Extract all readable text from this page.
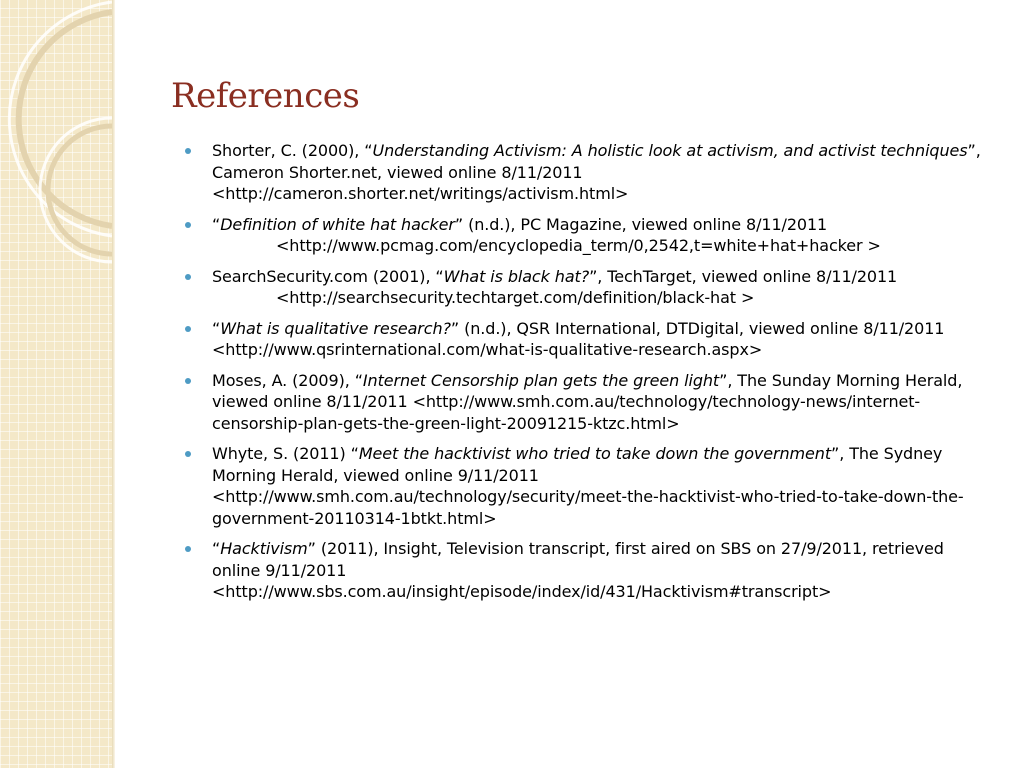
References
Shorter, C. (2000), “Understanding Activism: A holistic look at activism, and activist techniques”, Cameron Shorter.net, viewed online 8/11/2011
<http://cameron.shorter.net/writings/activism.html>
“Definition of white hat hacker” (n.d.), PC Magazine, viewed online 8/11/2011
<http://www.pcmag.com/encyclopedia_term/0,2542,t=white+hat+hacker >
SearchSecurity.com (2001), “What is black hat?”, TechTarget, viewed online 8/11/2011
<http://searchsecurity.techtarget.com/definition/black-hat >
“What is qualitative research?” (n.d.), QSR International, DTDigital, viewed online 8/11/2011 <http://www.qsrinternational.com/what-is-qualitative-research.aspx>
Moses, A. (2009), “Internet Censorship plan gets the green light”, The Sunday Morning Herald, viewed online 8/11/2011 <http://www.smh.com.au/technology/technology-news/internet-censorship-plan-gets-the-green-light-20091215-ktzc.html>
Whyte, S. (2011) “Meet the hacktivist who tried to take down the government”, The Sydney Morning Herald, viewed online 9/11/2011
<http://www.smh.com.au/technology/security/meet-the-hacktivist-who-tried-to-take-down-the-government-20110314-1btkt.html>
“Hacktivism” (2011), Insight, Television transcript, first aired on SBS on 27/9/2011, retrieved online 9/11/2011
<http://www.sbs.com.au/insight/episode/index/id/431/Hacktivism#transcript>
